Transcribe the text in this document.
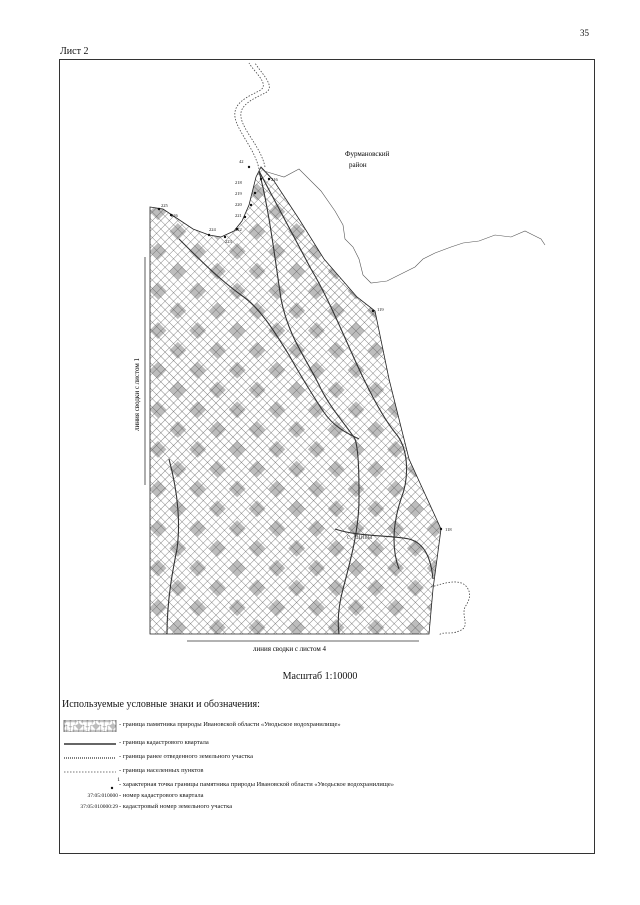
35
Лист 2
42
216
218
219
220
221
222
223
224
225
226
119
118
Фурмановский
район
с. Шивы
линия сводки с листом 1
линия сводки с листом 4
Масштаб 1:10000
Используемые условные знаки и обозначения:
- граница памятника природы Ивановской области «Уводьское водохранилище»
- граница кадастрового квартала
- граница ранее отведенного земельного участка
- граница населенных пунктов
1
- характерная точка границы памятника природы Ивановской области «Уводьское водохранилище»
37:05:010000 - номер кадастрового квартала
37:05:010000:29 - кадастровый номер земельного участка
